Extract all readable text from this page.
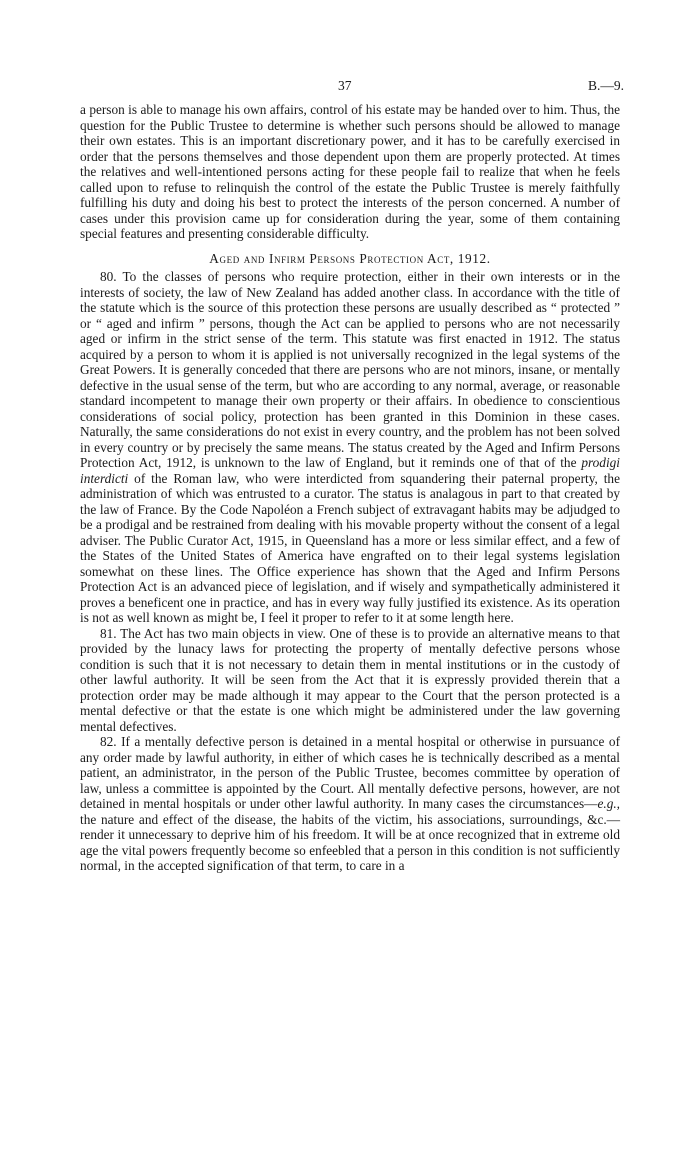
37	B.—9.

a person is able to manage his own affairs, control of his estate may be handed over to him. Thus, the question for the Public Trustee to determine is whether such persons should be allowed to manage their own estates. This is an important discretionary power, and it has to be carefully exercised in order that the persons themselves and those dependent upon them are properly protected. At times the relatives and well-intentioned persons acting for these people fail to realize that when he feels called upon to refuse to relinquish the control of the estate the Public Trustee is merely faithfully fulfilling his duty and doing his best to protect the interests of the person concerned. A number of cases under this provision came up for consideration during the year, some of them containing special features and presenting considerable difficulty.

Aged and Infirm Persons Protection Act, 1912.

80. To the classes of persons who require protection, either in their own interests or in the interests of society, the law of New Zealand has added another class. In accordance with the title of the statute which is the source of this protection these persons are usually described as “ protected ” or “ aged and infirm ” persons, though the Act can be applied to persons who are not necessarily aged or infirm in the strict sense of the term. This statute was first enacted in 1912. The status acquired by a person to whom it is applied is not universally recognized in the legal systems of the Great Powers. It is generally conceded that there are persons who are not minors, insane, or mentally defective in the usual sense of the term, but who are according to any normal, average, or reasonable standard incompetent to manage their own property or their affairs. In obedience to conscientious considerations of social policy, protection has been granted in this Dominion in these cases. Naturally, the same considerations do not exist in every country, and the problem has not been solved in every country or by precisely the same means. The status created by the Aged and Infirm Persons Protection Act, 1912, is unknown to the law of England, but it reminds one of that of the prodigi interdicti of the Roman law, who were interdicted from squandering their paternal property, the administration of which was entrusted to a curator. The status is analagous in part to that created by the law of France. By the Code Napoléon a French subject of extravagant habits may be adjudged to be a prodigal and be restrained from dealing with his movable property without the consent of a legal adviser. The Public Curator Act, 1915, in Queensland has a more or less similar effect, and a few of the States of the United States of America have engrafted on to their legal systems legislation somewhat on these lines. The Office experience has shown that the Aged and Infirm Persons Protection Act is an advanced piece of legislation, and if wisely and sympathetically administered it proves a beneficent one in practice, and has in every way fully justified its existence. As its operation is not as well known as might be, I feel it proper to refer to it at some length here.

81. The Act has two main objects in view. One of these is to provide an alternative means to that provided by the lunacy laws for protecting the property of mentally defective persons whose condition is such that it is not necessary to detain them in mental institutions or in the custody of other lawful authority. It will be seen from the Act that it is expressly provided therein that a protection order may be made although it may appear to the Court that the person protected is a mental defective or that the estate is one which might be administered under the law governing mental defectives.

82. If a mentally defective person is detained in a mental hospital or otherwise in pursuance of any order made by lawful authority, in either of which cases he is technically described as a mental patient, an administrator, in the person of the Public Trustee, becomes committee by operation of law, unless a committee is appointed by the Court. All mentally defective persons, however, are not detained in mental hospitals or under other lawful authority. In many cases the circumstances—e.g., the nature and effect of the disease, the habits of the victim, his associations, surroundings, &c.—render it unnecessary to deprive him of his freedom. It will be at once recognized that in extreme old age the vital powers frequently become so enfeebled that a person in this condition is not sufficiently normal, in the accepted signification of that term, to care in a
